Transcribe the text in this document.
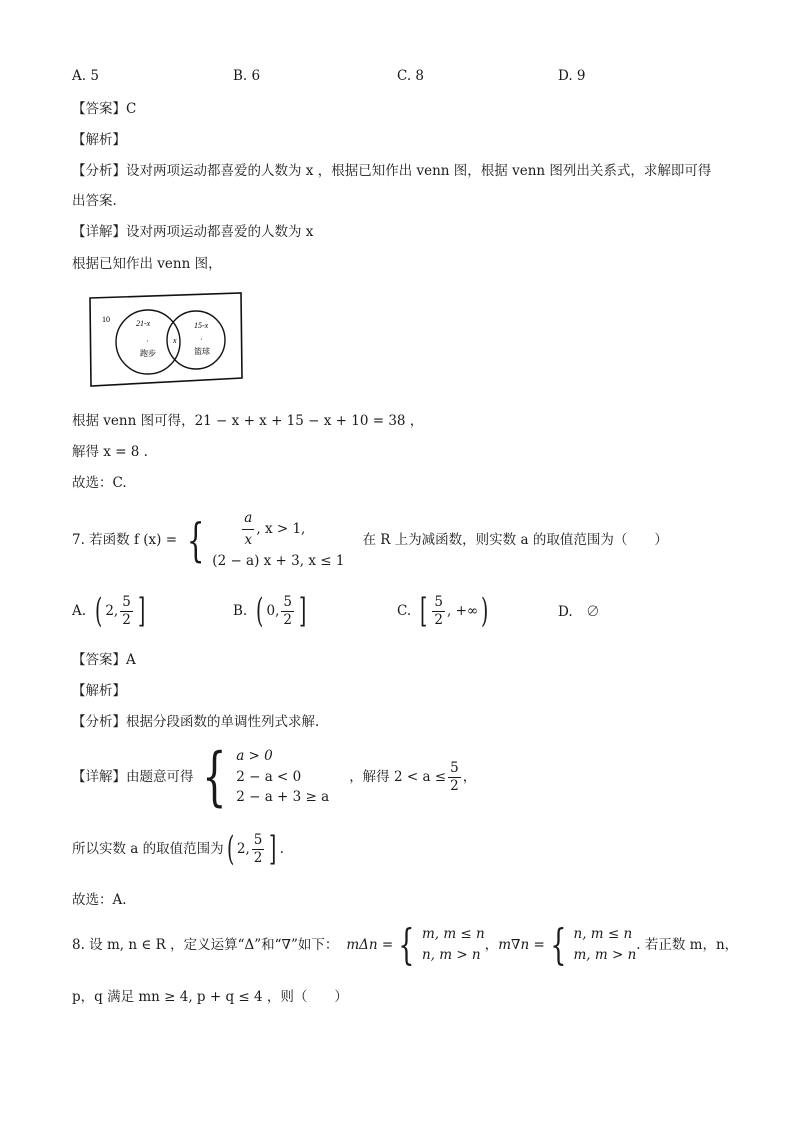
A. 5	B. 6	C. 8	D. 9
【答案】C
【解析】
【分析】设对两项运动都喜爱的人数为 x ，根据已知作出 venn 图，根据 venn 图列出关系式，求解即可得
出答案.
【详解】设对两项运动都喜爱的人数为 x
根据已知作出 venn 图，
10	21-x
·
跑步
x
15-x
·
篮球
根据 venn 图可得，21 − x + x + 15 − x + 10 = 38 ，
解得 x = 8 .
故选：C.
7. 若函数 f (x) = {	$\frac{a}{x}$ , x > 1,
(2 − a) x + 3, x ≤ 1
在 R 上为减函数，则实数 a 的取值范围为（　　）
A. ( 2, $\frac{5}{2}$ ]	B. ( 0, $\frac{5}{2}$ ]	C. [ $\frac{5}{2}$ , +∞ )	D.　∅
【答案】A
【解析】
【分析】根据分段函数的单调性列式求解.
【详解】由题意可得 { a > 0
2 − a < 0
2 − a + 3 ≥ a
，解得 $2 < a \le \frac{5}{2}$ ，
所以实数 a 的取值范围为 ( 2, $\frac{5}{2}$ ] .
故选：A.
8. 设 m, n ∈ R ，定义运算“Δ”和“∇”如下： mΔn = { m, m ≤ n
n, m > n
， m∇n = { n, m ≤ n
m, m > n
. 若正数 m，n，
p，q 满足 mn ≥ 4, p + q ≤ 4 ，则（　　）
